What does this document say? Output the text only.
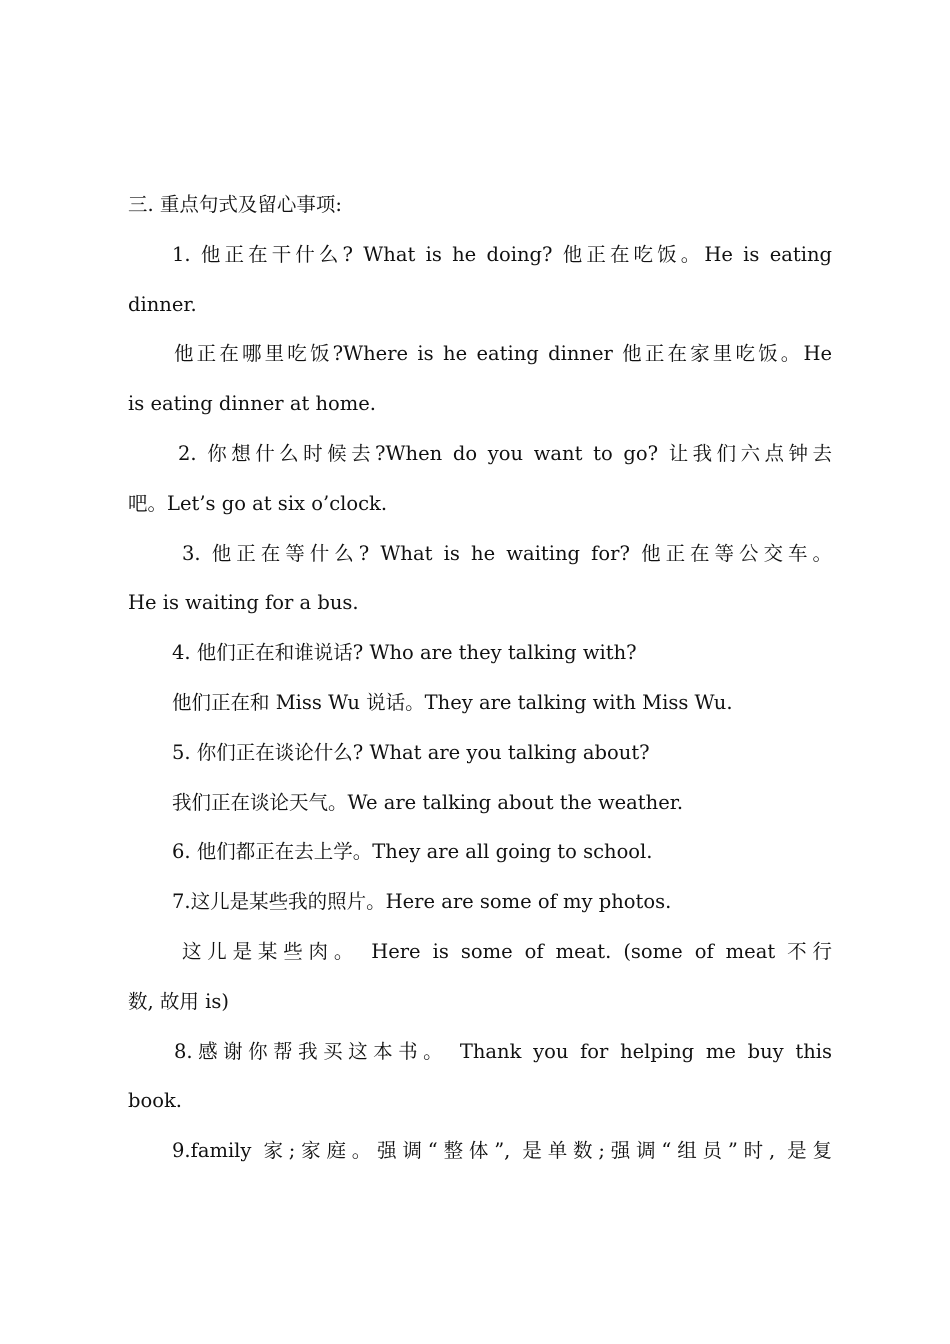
三. 重点句式及留心事项:
1. 他正在干什么? What is he doing? 他正在吃饭。He is eating
dinner.
他正在哪里吃饭?Where is he eating dinner 他正在家里吃饭。He
is eating dinner at home.
2. 你想什么时候去?When do you want to go? 让我们六点钟去
吧。Let’s go at six o’clock.
3. 他正在等什么? What is he waiting for? 他正在等公交车。
He is waiting for a bus.
4. 他们正在和谁说话? Who are they talking with?
他们正在和 Miss Wu 说话。They are talking with Miss Wu.
5. 你们正在谈论什么? What are you talking about?
我们正在谈论天气。We are talking about the weather.
6. 他们都正在去上学。They are all going to school.
7.这儿是某些我的照片。Here are some of my photos.
这儿是某些肉。 Here is some of meat. (some of meat 不行
数, 故用 is)
8.感谢你帮我买这本书。 Thank you for helping me buy this
book.
9.family 家;家庭。强调“整体”, 是单数;强调“组员”时, 是复
